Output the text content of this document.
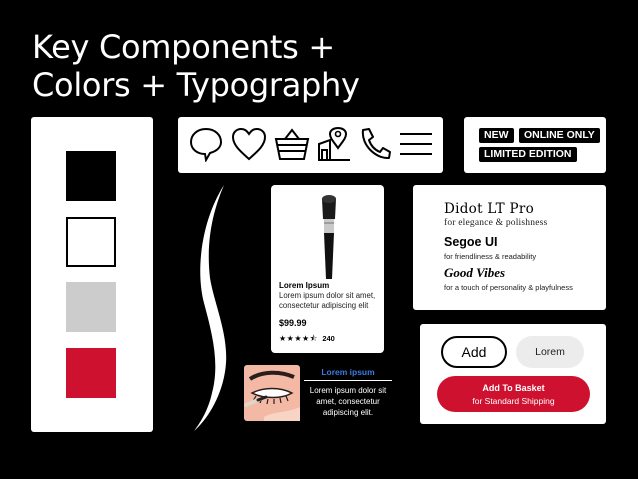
Key Components +
Colors + Typography
NEW	ONLINE ONLY
LIMITED EDITION
Lorem Ipsum
Lorem ipsum dolor sit amet, consectetur adipiscing elit
$99.99
★★★★⯪ 240
Lorem ipsum
Lorem ipsum dolor sit amet, consectetur adipiscing elit.
Didot LT Pro
for elegance & polishness
Segoe UI
for friendliness & readability
Good Vibes
for a touch of personality & playfulness
Add	Lorem
Add To Basket
for Standard Shipping
